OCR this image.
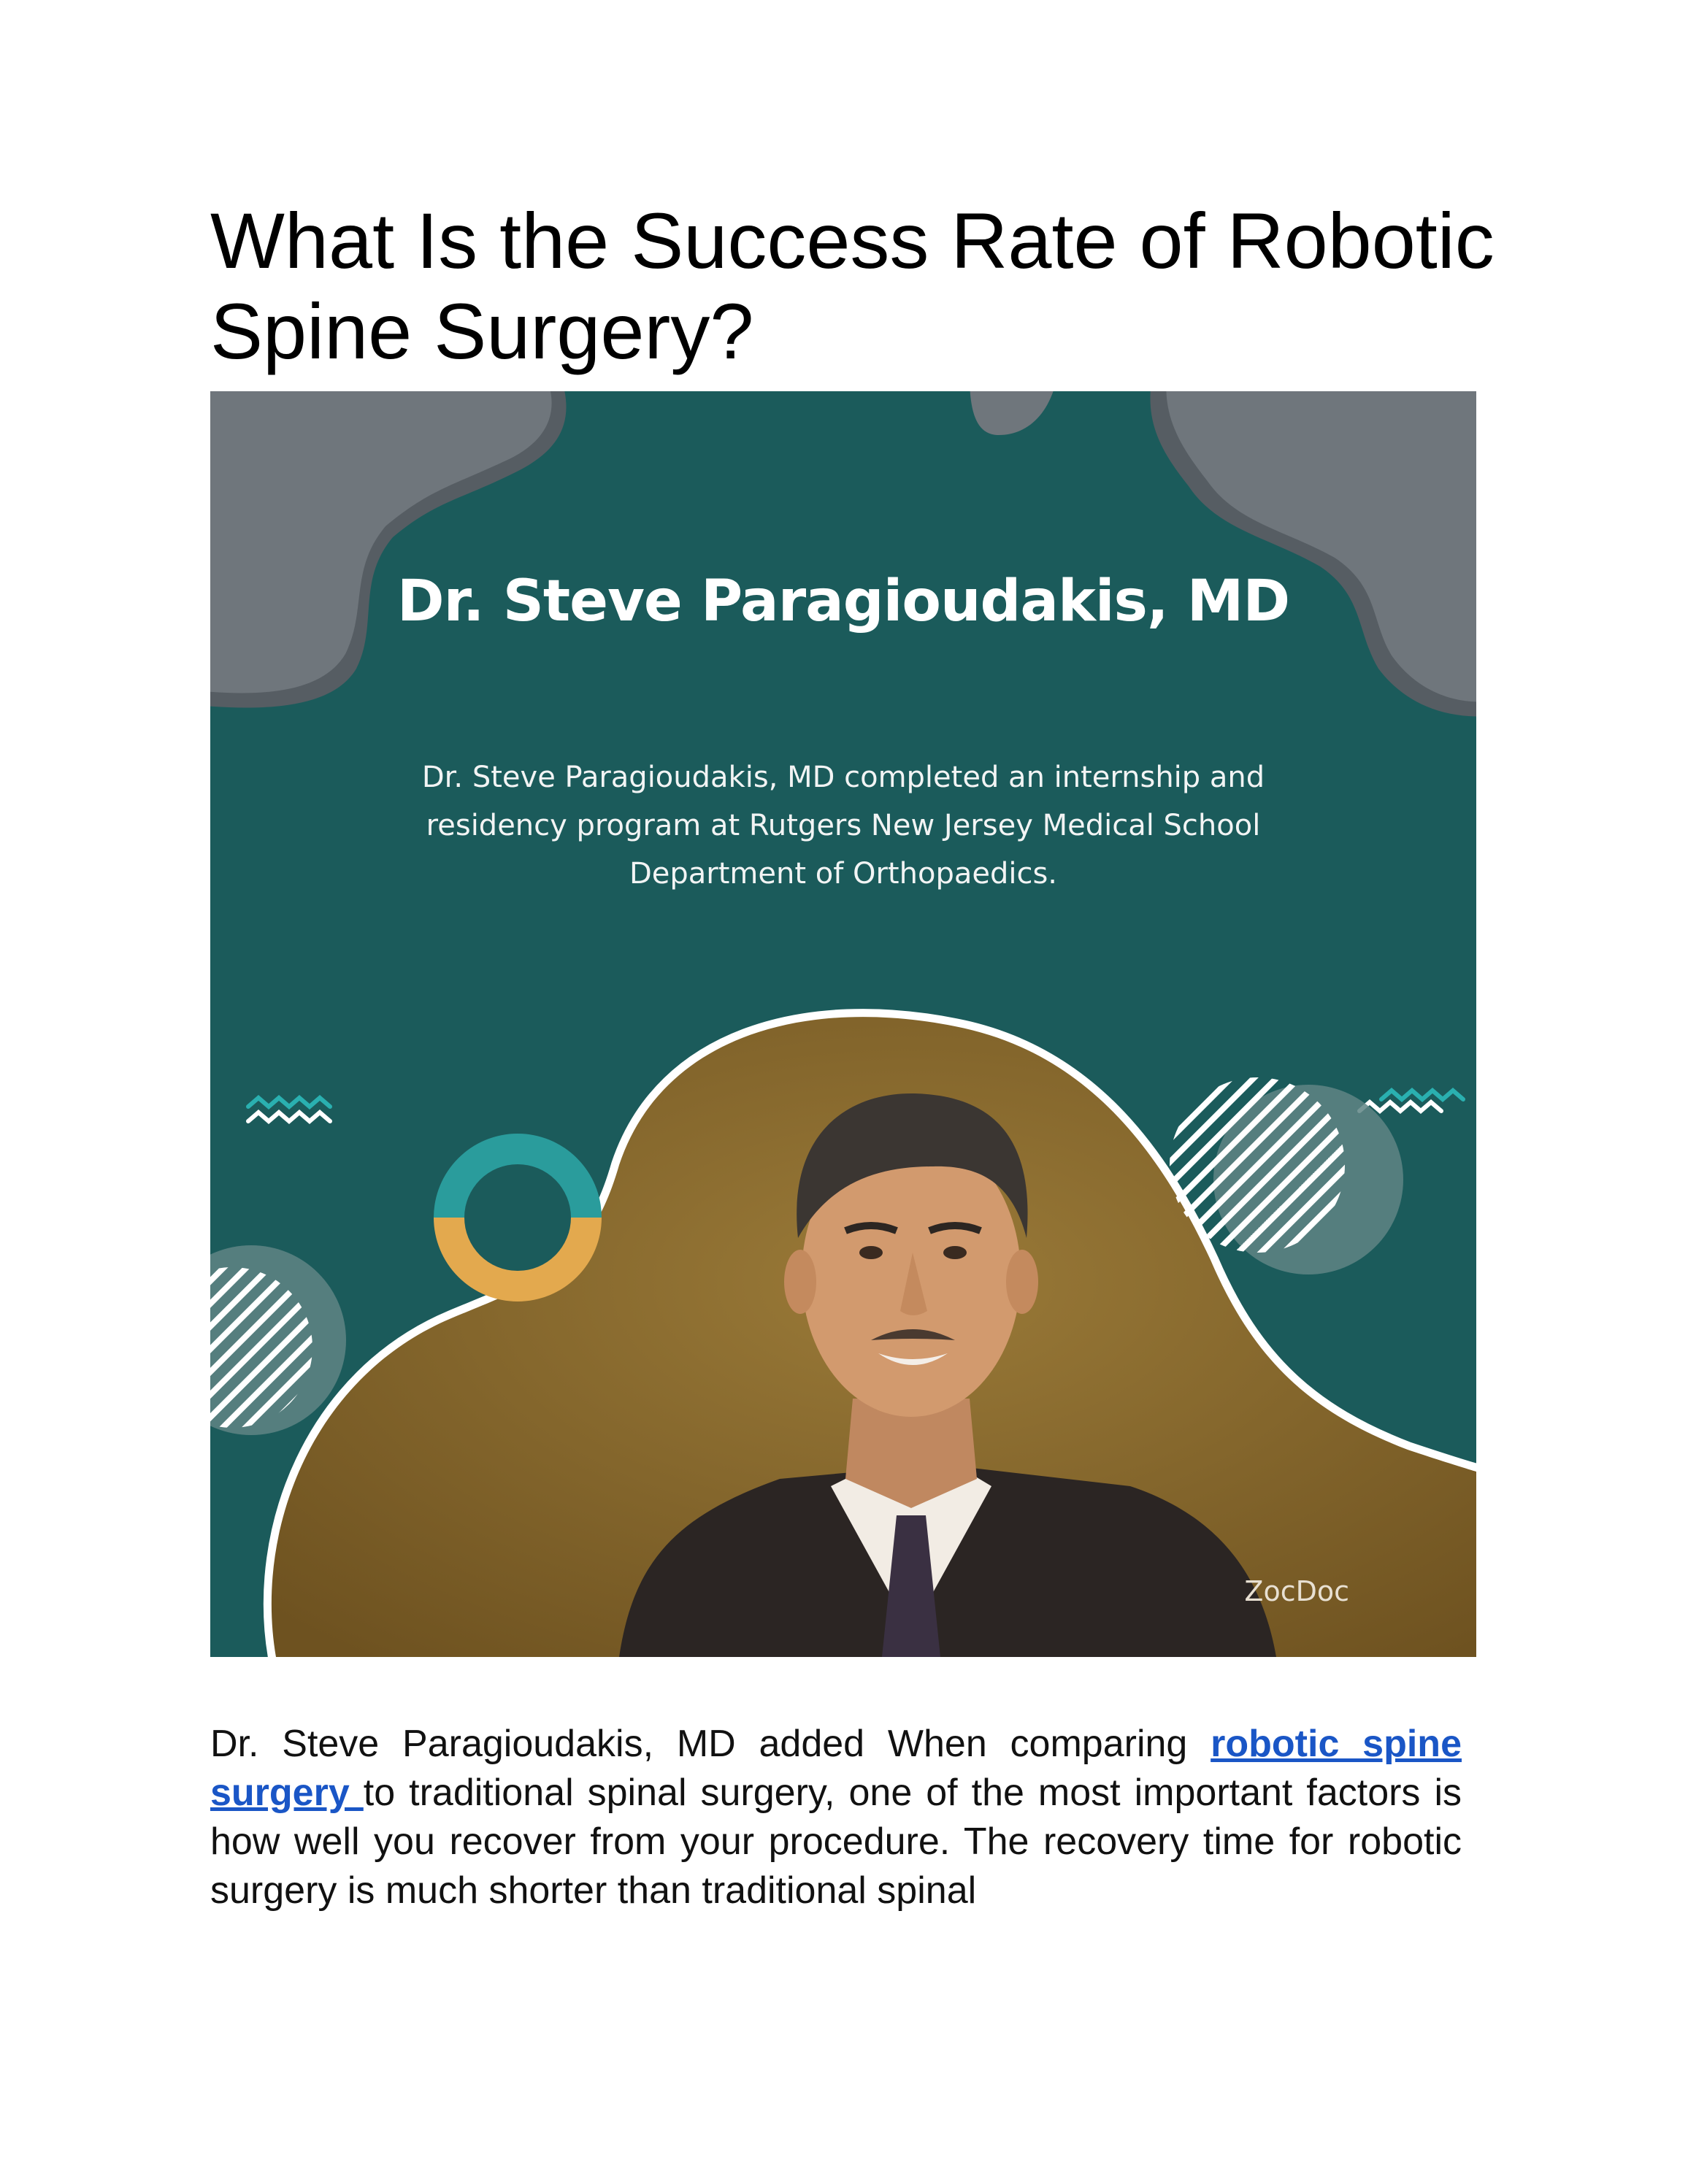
What Is the Success Rate of Robotic Spine Surgery?
Dr. Steve Paragioudakis, MD
Dr. Steve Paragioudakis, MD completed an internship and residency program at Rutgers New Jersey Medical School Department of Orthopaedics.
ZocDoc

Dr. Steve Paragioudakis, MD added When comparing robotic spine surgery to traditional spinal surgery, one of the most important factors is how well you recover from your procedure. The recovery time for robotic surgery is much shorter than traditional spinal
